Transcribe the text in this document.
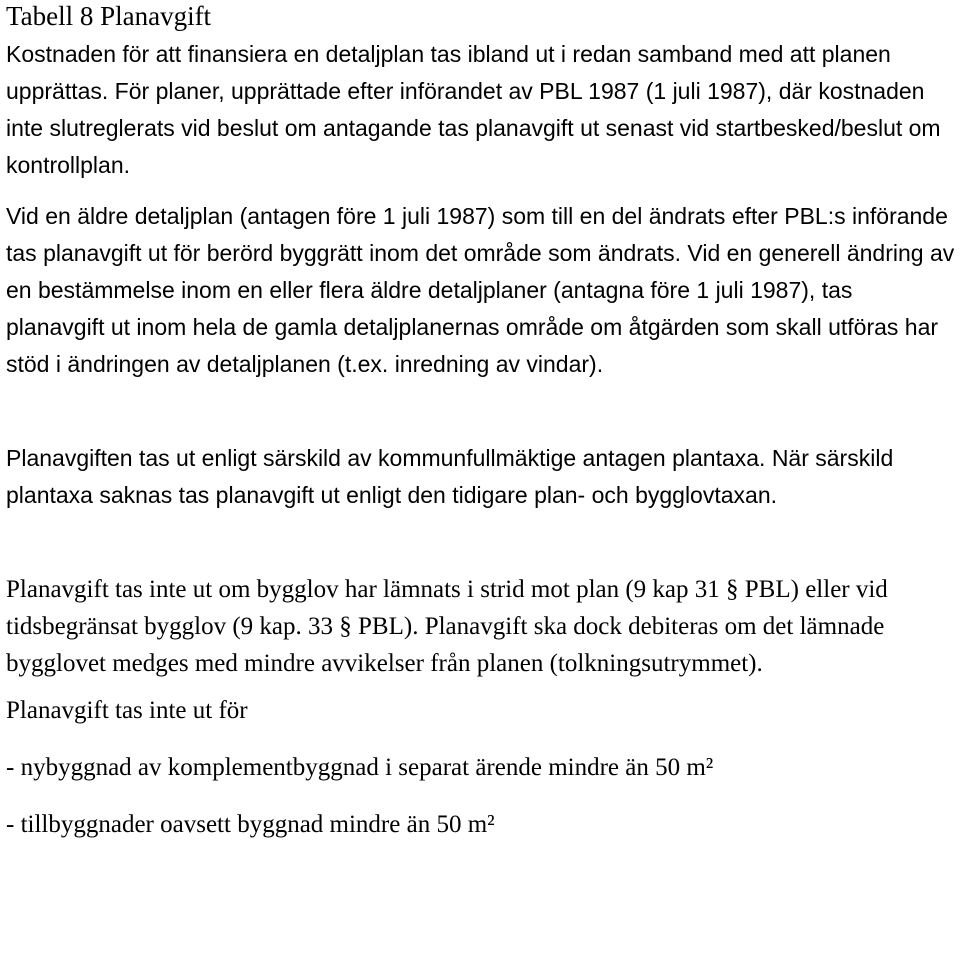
Tabell 8 Planavgift

Kostnaden för att finansiera en detaljplan tas ibland ut i redan samband med att planen upprättas. För planer, upprättade efter införandet av PBL 1987 (1 juli 1987), där kostnaden inte slutreglerats vid beslut om antagande tas planavgift ut senast vid startbesked/beslut om kontrollplan.

Vid en äldre detaljplan (antagen före 1 juli 1987) som till en del ändrats efter PBL:s införande tas planavgift ut för berörd byggrätt inom det område som ändrats. Vid en generell ändring av en bestämmelse inom en eller flera äldre detaljplaner (antagna före 1 juli 1987), tas planavgift ut inom hela de gamla detaljplanernas område om åtgärden som skall utföras har stöd i ändringen av detaljplanen (t.ex. inredning av vindar).

Planavgiften tas ut enligt särskild av kommunfullmäktige antagen plantaxa. När särskild plantaxa saknas tas planavgift ut enligt den tidigare plan- och bygglovtaxan.

Planavgift tas inte ut om bygglov har lämnats i strid mot plan (9 kap 31 § PBL) eller vid tidsbegränsat bygglov (9 kap. 33 § PBL). Planavgift ska dock debiteras om det lämnade bygglovet medges med mindre avvikelser från planen (tolkningsutrymmet).

Planavgift tas inte ut för

- nybyggnad av komplementbyggnad i separat ärende mindre än 50 m²

- tillbyggnader oavsett byggnad mindre än 50 m²
